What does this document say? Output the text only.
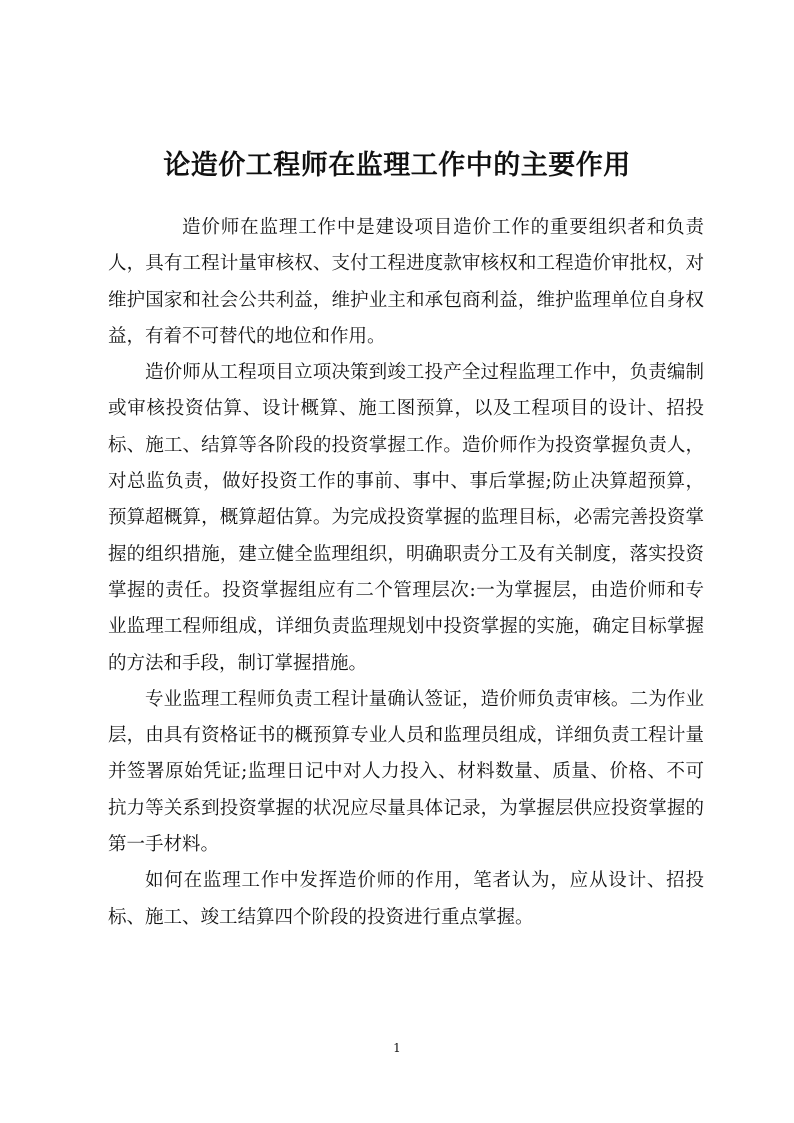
论造价工程师在监理工作中的主要作用

造价师在监理工作中是建设项目造价工作的重要组织者和负责人，具有工程计量审核权、支付工程进度款审核权和工程造价审批权，对维护国家和社会公共利益，维护业主和承包商利益，维护监理单位自身权益，有着不可替代的地位和作用。

造价师从工程项目立项决策到竣工投产全过程监理工作中，负责编制或审核投资估算、设计概算、施工图预算，以及工程项目的设计、招投标、施工、结算等各阶段的投资掌握工作。造价师作为投资掌握负责人，对总监负责，做好投资工作的事前、事中、事后掌握;防止决算超预算，预算超概算，概算超估算。为完成投资掌握的监理目标，必需完善投资掌握的组织措施，建立健全监理组织，明确职责分工及有关制度，落实投资掌握的责任。投资掌握组应有二个管理层次:一为掌握层，由造价师和专业监理工程师组成，详细负责监理规划中投资掌握的实施，确定目标掌握的方法和手段，制订掌握措施。

专业监理工程师负责工程计量确认签证，造价师负责审核。二为作业层，由具有资格证书的概预算专业人员和监理员组成，详细负责工程计量并签署原始凭证;监理日记中对人力投入、材料数量、质量、价格、不可抗力等关系到投资掌握的状况应尽量具体记录，为掌握层供应投资掌握的第一手材料。

如何在监理工作中发挥造价师的作用，笔者认为，应从设计、招投标、施工、竣工结算四个阶段的投资进行重点掌握。

1
